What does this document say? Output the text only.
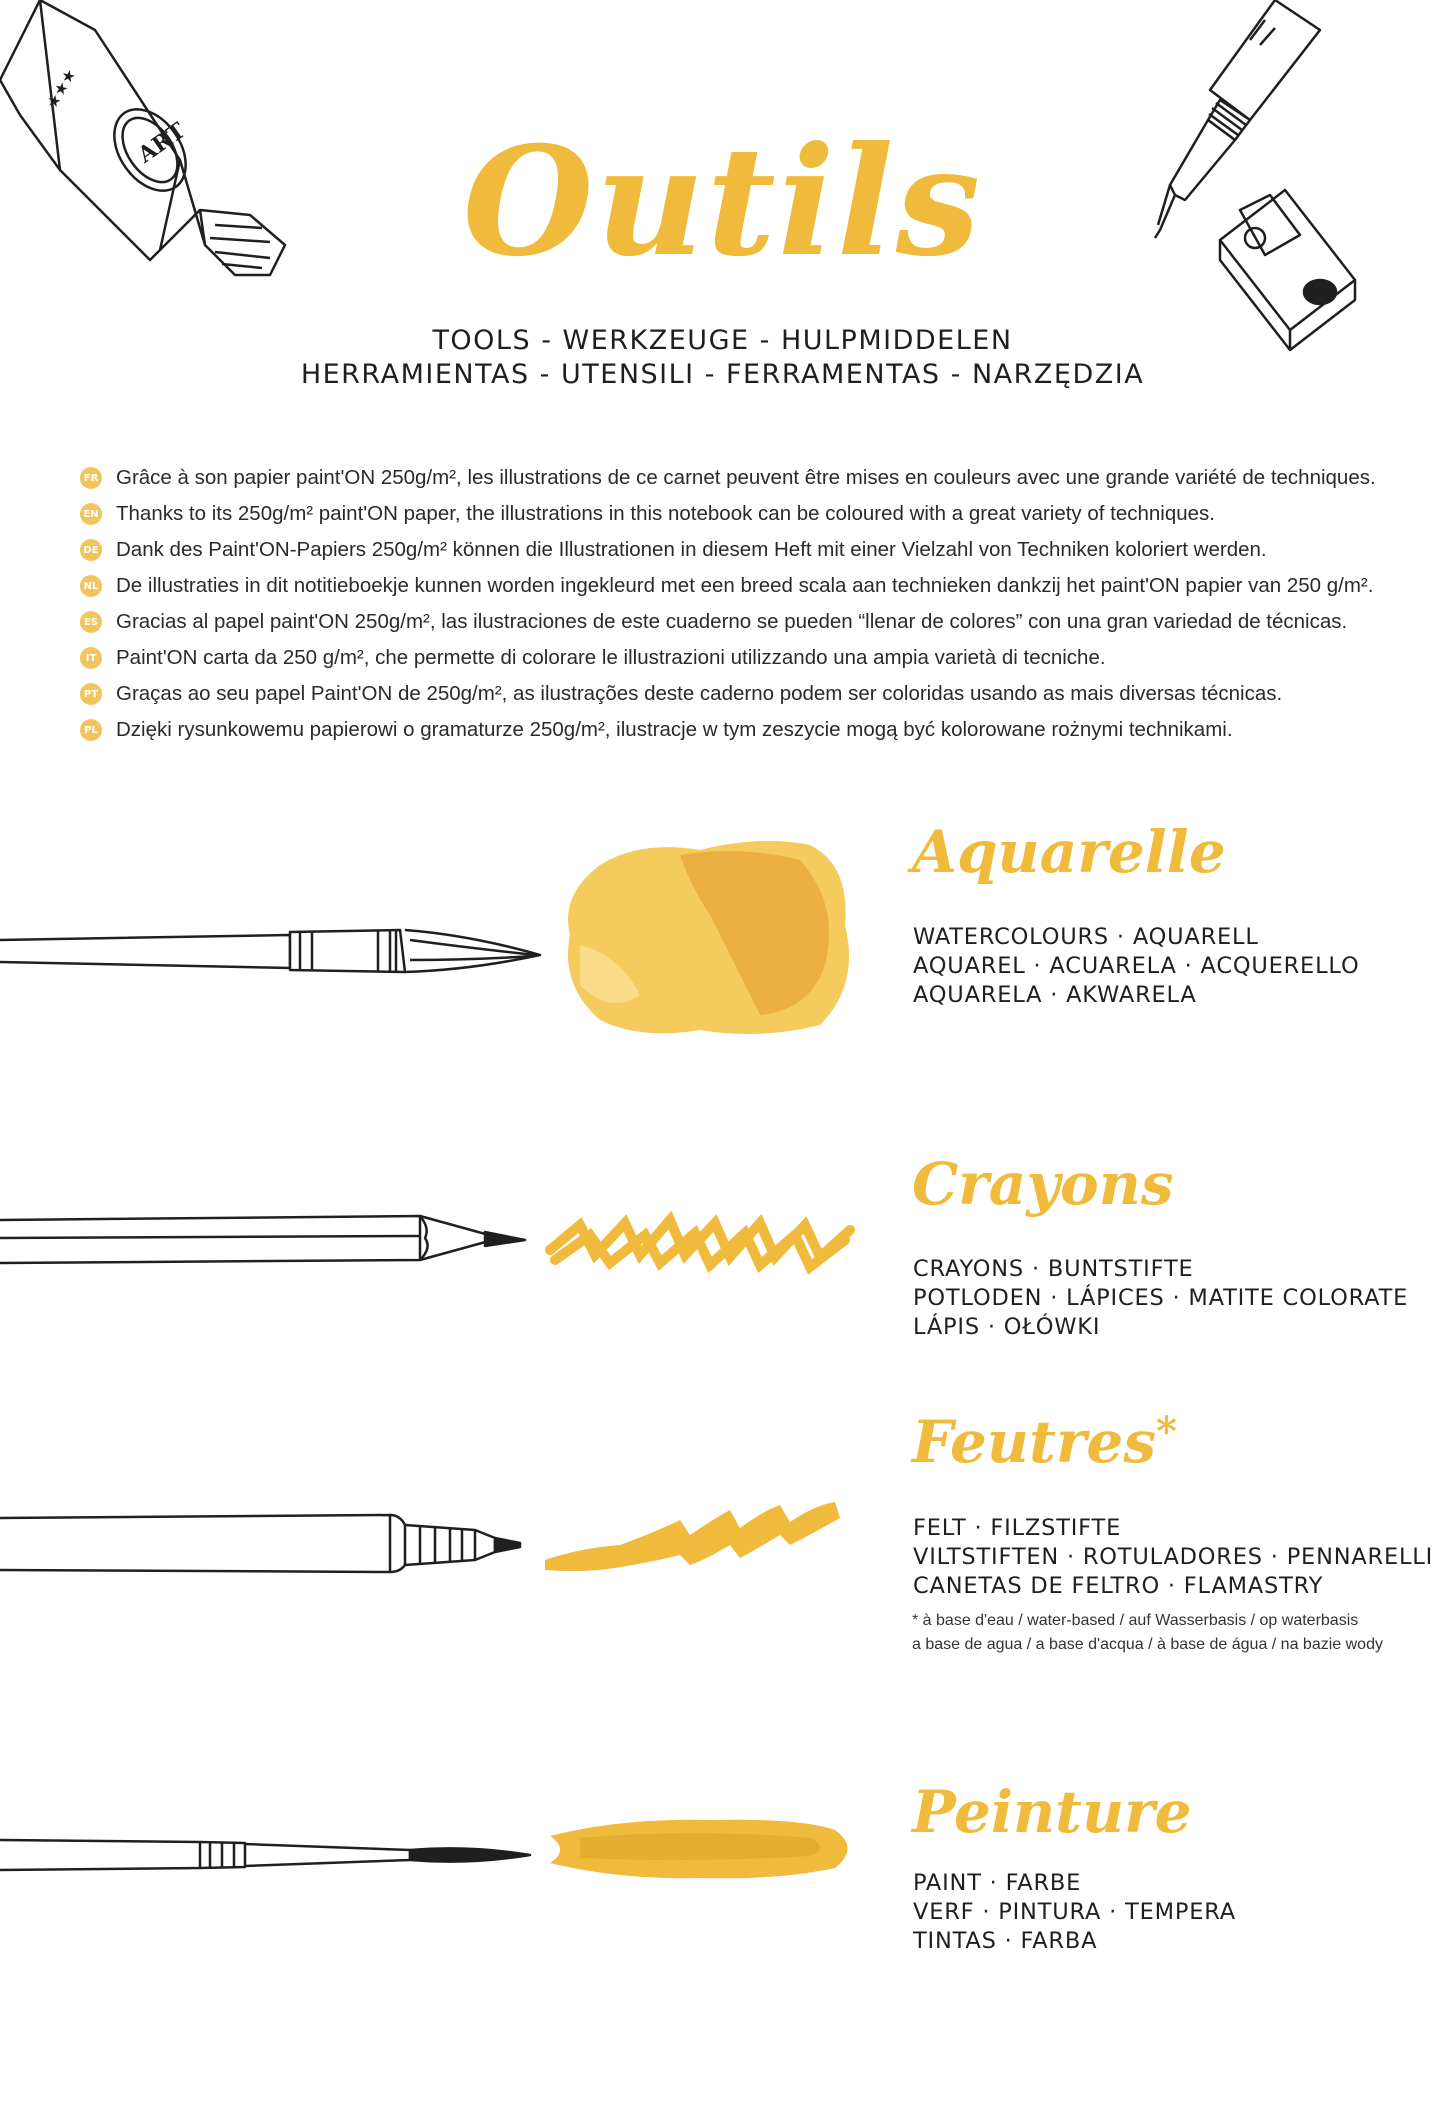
★★★
ART	Outils
TOOLS - WERKZEUGE - HULPMIDDELEN
HERRAMIENTAS - UTENSILI - FERRAMENTAS - NARZĘDZIA
FR Grâce à son papier paint'ON 250g/m², les illustrations de ce carnet peuvent être mises en couleurs avec une grande variété de techniques.
EN Thanks to its 250g/m² paint'ON paper, the illustrations in this notebook can be coloured with a great variety of techniques.
DE Dank des Paint'ON-Papiers 250g/m² können die Illustrationen in diesem Heft mit einer Vielzahl von Techniken koloriert werden.
NL De illustraties in dit notitieboekje kunnen worden ingekleurd met een breed scala aan technieken dankzij het paint'ON papier van 250 g/m².
ES Gracias al papel paint'ON 250g/m², las ilustraciones de este cuaderno se pueden “llenar de colores” con una gran variedad de técnicas.
IT Paint'ON carta da 250 g/m², che permette di colorare le illustrazioni utilizzando una ampia varietà di tecniche.
PT Graças ao seu papel Paint'ON de 250g/m², as ilustrações deste caderno podem ser coloridas usando as mais diversas técnicas.
PL Dzięki rysunkowemu papierowi o gramaturze 250g/m², ilustracje w tym zeszycie mogą być kolorowane rożnymi technikami.
Aquarelle
WATERCOLOURS · AQUARELL
AQUAREL · ACUARELA · ACQUERELLO
AQUARELA · AKWARELA
Crayons
CRAYONS · BUNTSTIFTE
POTLODEN · LÁPICES · MATITE COLORATE
LÁPIS · OŁÓWKI
Feutres*
FELT · FILZSTIFTE
VILTSTIFTEN · ROTULADORES · PENNARELLI
CANETAS DE FELTRO · FLAMASTRY
* à base d'eau / water-based / auf Wasserbasis / op waterbasis
a base de agua / a base d'acqua / à base de água / na bazie wody
Peinture
PAINT · FARBE
VERF · PINTURA · TEMPERA
TINTAS · FARBA
